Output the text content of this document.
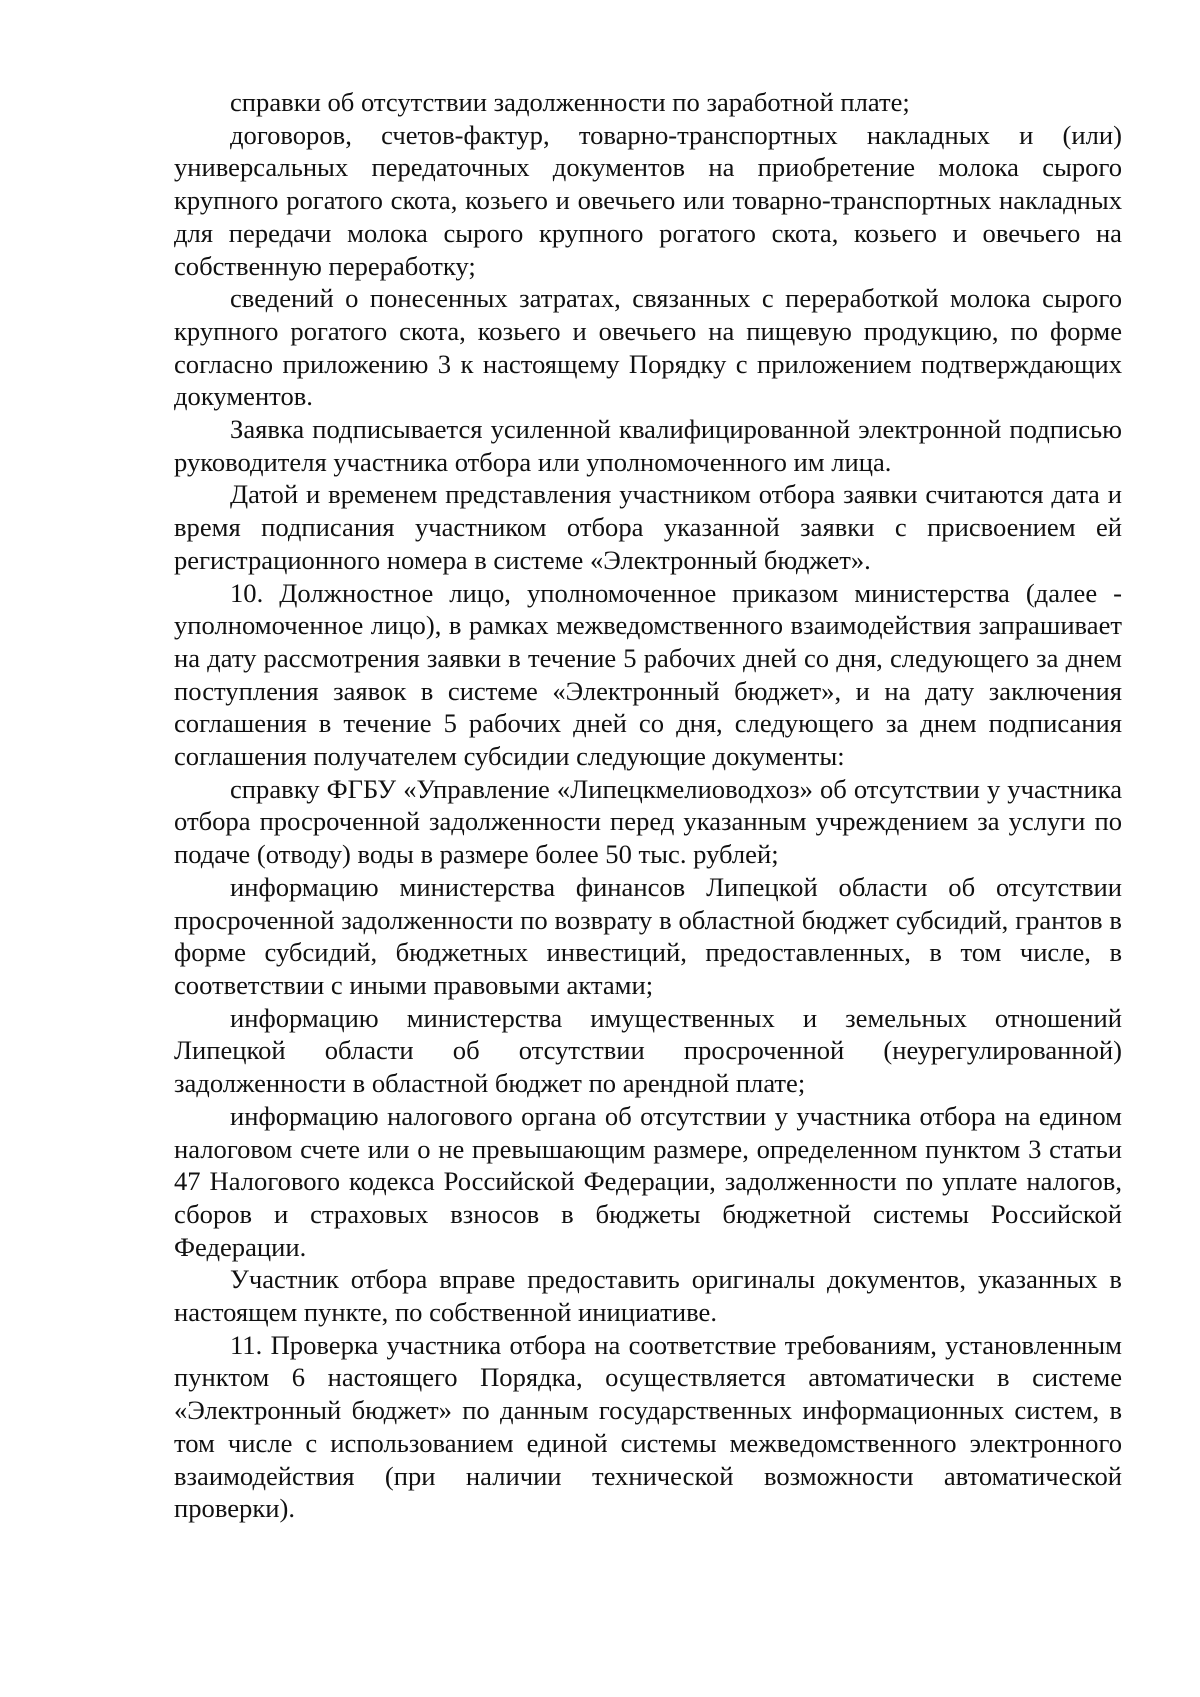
справки об отсутствии задолженности по заработной плате;

договоров, счетов-фактур, товарно-транспортных накладных и (или) универсальных передаточных документов на приобретение молока сырого крупного рогатого скота, козьего и овечьего или товарно-транспортных накладных для передачи молока сырого крупного рогатого скота, козьего и овечьего на собственную переработку;

сведений о понесенных затратах, связанных с переработкой молока сырого крупного рогатого скота, козьего и овечьего на пищевую продукцию, по форме согласно приложению 3 к настоящему Порядку с приложением подтверждающих документов.

Заявка подписывается усиленной квалифицированной электронной подписью руководителя участника отбора или уполномоченного им лица.

Датой и временем представления участником отбора заявки считаются дата и время подписания участником отбора указанной заявки с присвоением ей регистрационного номера в системе «Электронный бюджет».

10. Должностное лицо, уполномоченное приказом министерства (далее - уполномоченное лицо), в рамках межведомственного взаимодействия запрашивает на дату рассмотрения заявки в течение 5 рабочих дней со дня, следующего за днем поступления заявок в системе «Электронный бюджет», и на дату заключения соглашения в течение 5 рабочих дней со дня, следующего за днем подписания соглашения получателем субсидии следующие документы:

справку ФГБУ «Управление «Липецкмелиоводхоз» об отсутствии у участника отбора просроченной задолженности перед указанным учреждением за услуги по подаче (отводу) воды в размере более 50 тыс. рублей;

информацию министерства финансов Липецкой области об отсутствии просроченной задолженности по возврату в областной бюджет субсидий, грантов в форме субсидий, бюджетных инвестиций, предоставленных, в том числе, в соответствии с иными правовыми актами;

информацию министерства имущественных и земельных отношений Липецкой области об отсутствии просроченной (неурегулированной) задолженности в областной бюджет по арендной плате;

информацию налогового органа об отсутствии у участника отбора на едином налоговом счете или о не превышающим размере, определенном пунктом 3 статьи 47 Налогового кодекса Российской Федерации, задолженности по уплате налогов, сборов и страховых взносов в бюджеты бюджетной системы Российской Федерации.

Участник отбора вправе предоставить оригиналы документов, указанных в настоящем пункте, по собственной инициативе.

11. Проверка участника отбора на соответствие требованиям, установленным пунктом 6 настоящего Порядка, осуществляется автоматически в системе «Электронный бюджет» по данным государственных информационных систем, в том числе с использованием единой системы межведомственного электронного взаимодействия (при наличии технической возможности автоматической проверки).
